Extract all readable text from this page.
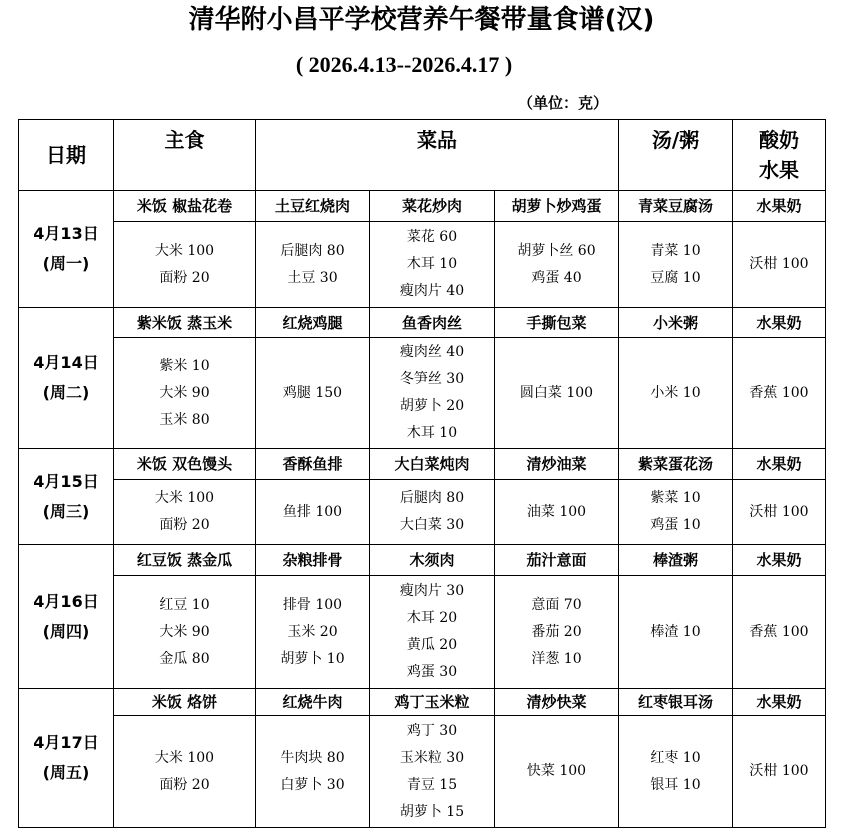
清华附小昌平学校营养午餐带量食谱(汉)
( 2026.4.13--2026.4.17 )
（单位：克）
日期	主食	菜品			汤/粥	酸奶
水果

4月13日
(周一)	米饭 椒盐花卷	土豆红烧肉	菜花炒肉	胡萝卜炒鸡蛋	青菜豆腐汤	水果奶

	大米 100
面粉 20	后腿肉 80
土豆 30	菜花 60
木耳 10
瘦肉片 40	胡萝卜丝 60
鸡蛋 40	青菜 10
豆腐 10	沃柑 100

4月14日
(周二)	紫米饭 蒸玉米	红烧鸡腿	鱼香肉丝	手撕包菜	小米粥	水果奶

	紫米 10
大米 90
玉米 80	鸡腿 150	瘦肉丝 40
冬笋丝 30
胡萝卜 20
木耳 10	圆白菜 100	小米 10	香蕉 100

4月15日
(周三)	米饭 双色馒头	香酥鱼排	大白菜炖肉	清炒油菜	紫菜蛋花汤	水果奶

	大米 100
面粉 20	鱼排 100	后腿肉 80
大白菜 30	油菜 100	紫菜 10
鸡蛋 10	沃柑 100

4月16日
(周四)	红豆饭 蒸金瓜	杂粮排骨	木须肉	茄汁意面	棒渣粥	水果奶

	红豆 10
大米 90
金瓜 80	排骨 100
玉米 20
胡萝卜 10	瘦肉片 30
木耳 20
黄瓜 20
鸡蛋 30	意面 70
番茄 20
洋葱 10	棒渣 10	香蕉 100

4月17日
(周五)	米饭 烙饼	红烧牛肉	鸡丁玉米粒	清炒快菜	红枣银耳汤	水果奶

	大米 100
面粉 20	牛肉块 80
白萝卜 30	鸡丁 30
玉米粒 30
青豆 15
胡萝卜 15	快菜 100	红枣 10
银耳 10	沃柑 100
